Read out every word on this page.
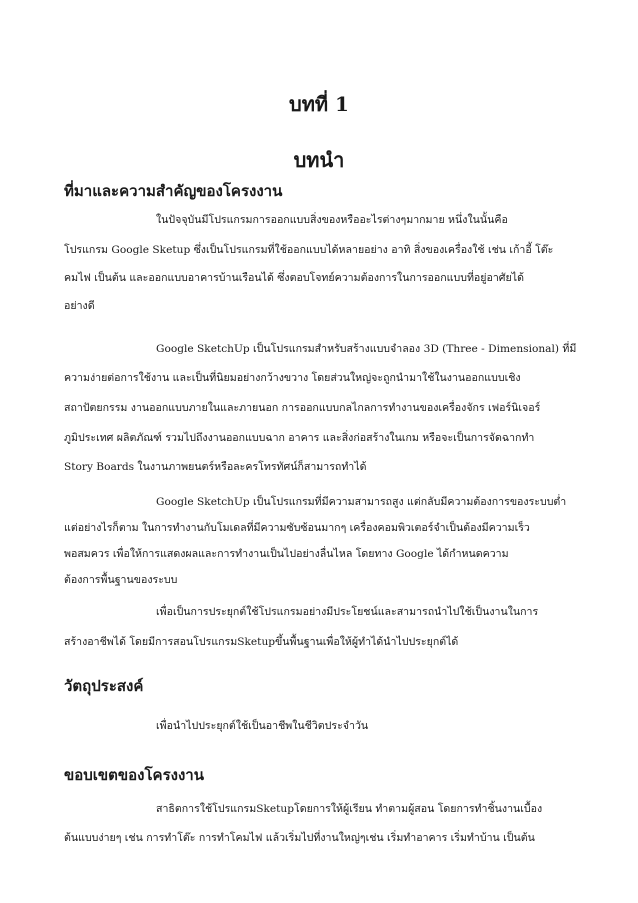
บทที่ 1
บทนำ
ที่มาและความสำคัญของโครงงาน
ในปัจจุบันมีโปรแกรมการออกแบบสิ่งของหรืออะไรต่างๆมากมาย หนึ่งในนั้นคือ
โปรแกรม Google Sketup ซึ่งเป็นโปรแกรมที่ใช้ออกแบบได้หลายอย่าง อาทิ สิ่งของเครื่องใช้ เช่น เก้าอี้ โต๊ะ
คมไฟ เป็นต้น และออกแบบอาคารบ้านเรือนได้ ซึ่งตอบโจทย์ความต้องการในการออกแบบที่อยู่อาศัยได้
อย่างดี
Google SketchUp เป็นโปรแกรมสำหรับสร้างแบบจำลอง 3D (Three - Dimensional) ที่มี
ความง่ายต่อการใช้งาน และเป็นที่นิยมอย่างกว้างขวาง โดยส่วนใหญ่จะถูกนำมาใช้ในงานออกแบบเชิง
สถาปัตยกรรม งานออกแบบภายในและภายนอก การออกแบบกลไกลการทำงานของเครื่องจักร เฟอร์นิเจอร์
ภูมิประเทศ ผลิตภัณฑ์ รวมไปถึงงานออกแบบฉาก อาคาร และสิ่งก่อสร้างในเกม หรือจะเป็นการจัดฉากทำ
Story Boards ในงานภาพยนตร์หรือละครโทรทัศน์ก็สามารถทำได้
Google SketchUp เป็นโปรแกรมที่มีความสามารถสูง แต่กลับมีความต้องการของระบบต่ำ
แต่อย่างไรก็ตาม ในการทำงานกับโมเดลที่มีความซับซ้อนมากๆ เครื่องคอมพิวเตอร์จำเป็นต้องมีความเร็ว
พอสมควร เพื่อให้การแสดงผลและการทำงานเป็นไปอย่างลื่นไหล โดยทาง Google ได้กำหนดความ
ต้องการพื้นฐานของระบบ
เพื่อเป็นการประยุกต์ใช้โปรแกรมอย่างมีประโยชน์และสามารถนำไปใช้เป็นงานในการ
สร้างอาชีพได้ โดยมีการสอนโปรแกรมSketupขึ้นพื้นฐานเพื่อให้ผู้ทำได้นำไปประยุกต์ได้
วัตถุประสงค์
เพื่อนำไปประยุกต์ใช้เป็นอาชีพในชีวิตประจำวัน
ขอบเขตของโครงงาน
สาธิตการใช้โปรแกรมSketupโดยการให้ผู้เรียน ทำตามผู้สอน โดยการทำชิ้นงานเบื้อง
ต้นแบบง่ายๆ เช่น การทำโต๊ะ การทำโคมไฟ แล้วเริ่มไปที่งานใหญ่ๆเช่น เริ่มทำอาคาร เริ่มทำบ้าน เป็นต้น
